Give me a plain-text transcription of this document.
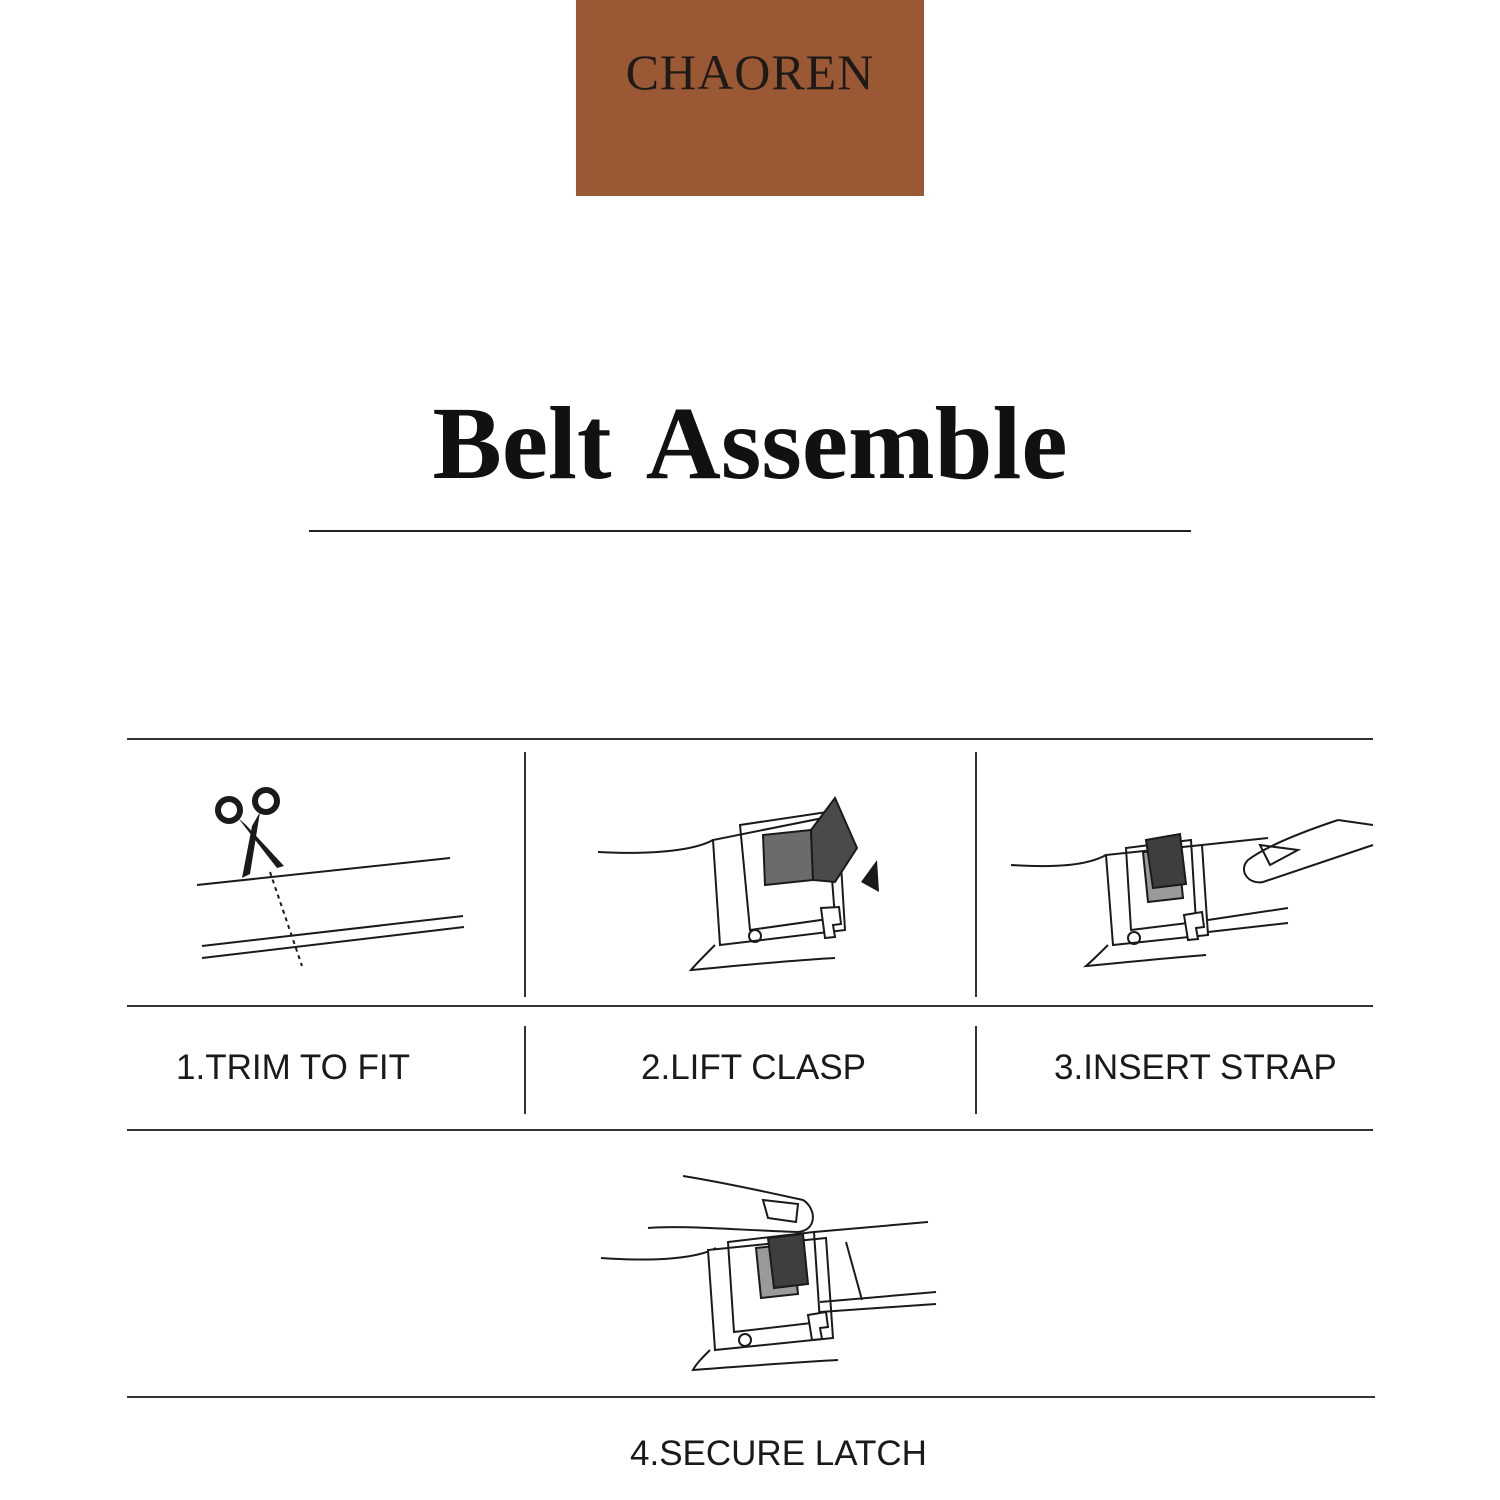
CHAOREN
Belt Assemble
1.TRIM TO FIT	2.LIFT CLASP	3.INSERT STRAP
4.SECURE LATCH
